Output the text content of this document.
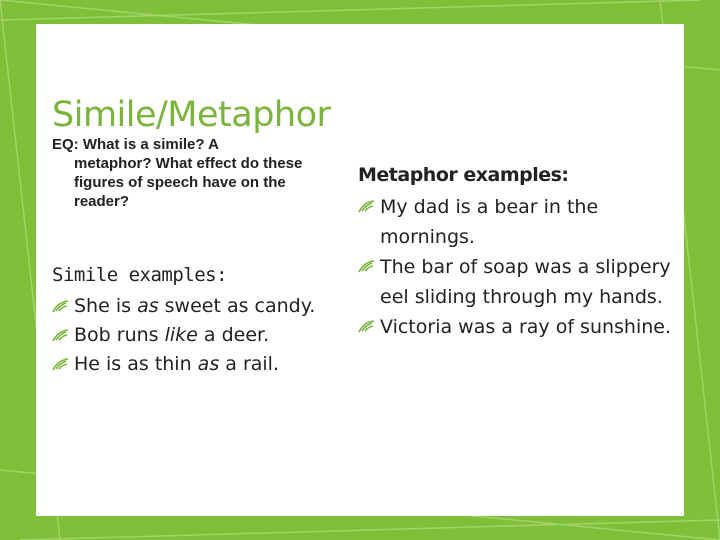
Simile/Metaphor
EQ: What is a simile? A
metaphor? What effect do these figures of speech have on the reader?
Simile examples:
She is as sweet as candy.
Bob runs like a deer.
He is as thin as a rail.
Metaphor examples:
My dad is a bear in the mornings.
The bar of soap was a slippery eel sliding through my hands.
Victoria was a ray of sunshine.
